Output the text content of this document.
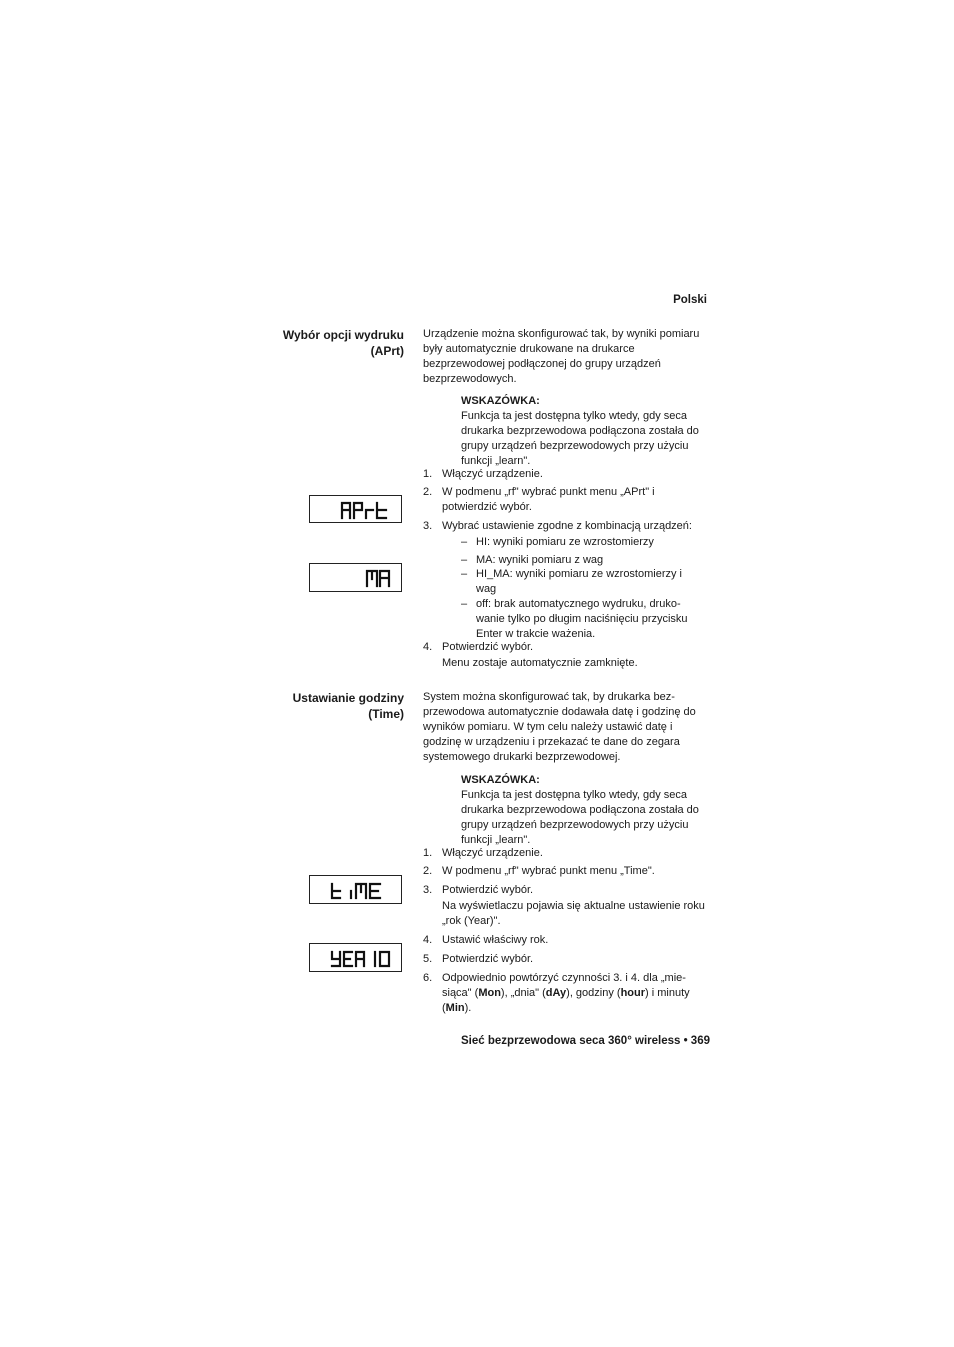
Polski
Wybór opcji wydruku
(APrt)
Urządzenie można skonfigurować tak, by wyniki pomiaru były automatycznie drukowane na drukarce bezprzewodowej podłączonej do grupy urządzeń bezprzewodowych.
WSKAZÓWKA:
Funkcja ta jest dostępna tylko wtedy, gdy seca drukarka bezprzewodowa podłączona została do grupy urządzeń bezprzewodowych przy użyciu funkcji „learn".
1. Włączyć urządzenie.
2. W podmenu „rf" wybrać punkt menu „APrt" i potwierdzić wybór.
3. Wybrać ustawienie zgodne z kombinacją urządzeń:
– HI: wyniki pomiaru ze wzrostomierzy
– MA: wyniki pomiaru z wag
– HI_MA: wyniki pomiaru ze wzrostomierzy i wag
– off: brak automatycznego wydruku, druko-wanie tylko po długim naciśnięciu przycisku Enter w trakcie ważenia.
4. Potwierdzić wybór.
Menu zostaje automatycznie zamknięte.
Ustawianie godziny
(Time)
System można skonfigurować tak, by drukarka bez-przewodowa automatycznie dodawała datę i godzinę do wyników pomiaru. W tym celu należy ustawić datę i godzinę w urządzeniu i przekazać te dane do zegara systemowego drukarki bezprzewodowej.
WSKAZÓWKA:
Funkcja ta jest dostępna tylko wtedy, gdy seca drukarka bezprzewodowa podłączona została do grupy urządzeń bezprzewodowych przy użyciu funkcji „learn".
1. Włączyć urządzenie.
2. W podmenu „rf" wybrać punkt menu „Time".
3. Potwierdzić wybór.
Na wyświetlaczu pojawia się aktualne ustawienie roku „rok (Year)".
4. Ustawić właściwy rok.
5. Potwierdzić wybór.
6. Odpowiednio powtórzyć czynności 3. i 4. dla „mie-siąca" (Mon), „dnia" (dAy), godziny (hour) i minuty (Min).
Sieć bezprzewodowa seca 360° wireless • 369
